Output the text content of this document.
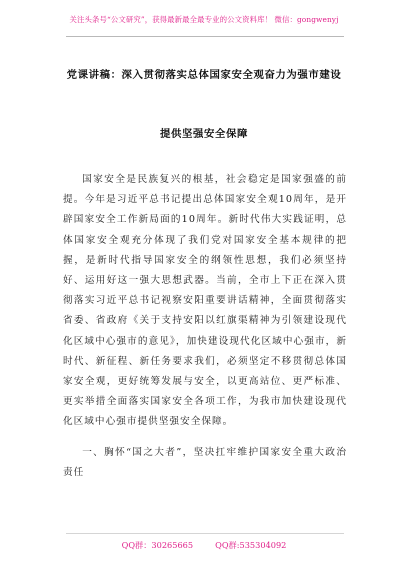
关注头条号“公文研究”，获得最新最全最专业的公文资料库！ 微信：gongwenyj
党课讲稿：深入贯彻落实总体国家安全观奋力为强市建设
提供坚强安全保障

国家安全是民族复兴的根基，社会稳定是国家强盛的前提。今年是习近平总书记提出总体国家安全观10周年，是开辟国家安全工作新局面的10周年。新时代伟大实践证明，总体国家安全观充分体现了我们党对国家安全基本规律的把握，是新时代指导国家安全的纲领性思想，我们必须坚持好、运用好这一强大思想武器。当前，全市上下正在深入贯彻落实习近平总书记视察安阳重要讲话精神，全面贯彻落实省委、省政府《关于支持安阳以红旗渠精神为引领建设现代化区域中心强市的意见》，加快建设现代化区域中心强市，新时代、新征程、新任务要求我们，必须坚定不移贯彻总体国家安全观，更好统筹发展与安全，以更高站位、更严标准、更实举措全面落实国家安全各项工作，为我市加快建设现代化区域中心强市提供坚强安全保障。

一、胸怀“国之大者”，坚决扛牢维护国家安全重大政治责任

QQ群：30265665	QQ群:535304092
